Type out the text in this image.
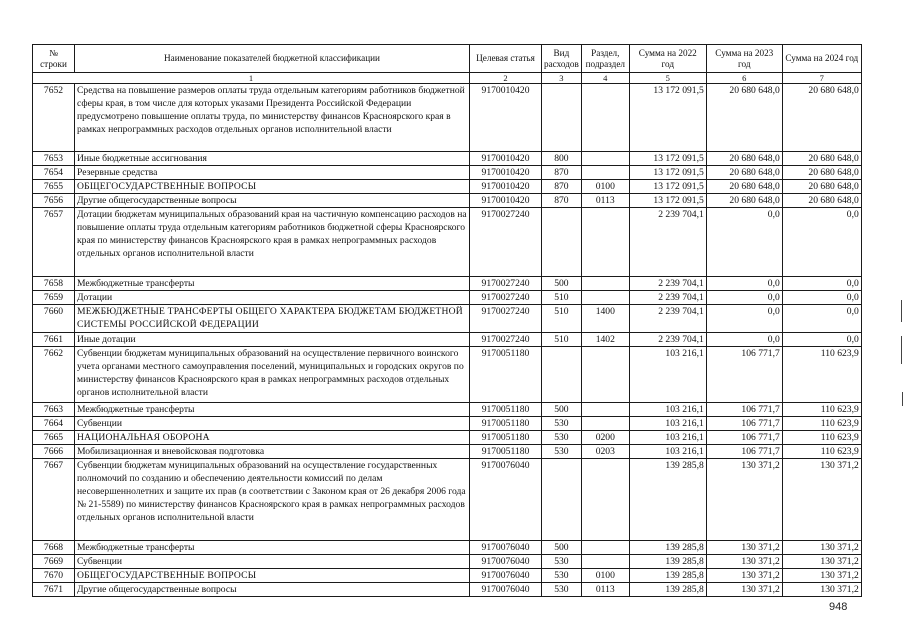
№ строки	Наименование показателей бюджетной классификации	Целевая статья	Вид расходов	Раздел, подраздел	Сумма на 2022 год	Сумма на 2023 год	Сумма на 2024 год
1		2	3	4	5	6	7
7652	Средства на повышение размеров оплаты труда отдельным категориям работников бюджетной сферы края, в том числе для которых указами Президента Российской Федерации предусмотрено повышение оплаты труда, по министерству финансов Красноярского края в рамках непрограммных расходов отдельных органов исполнительной власти	9170010420			13 172 091,5	20 680 648,0	20 680 648,0
7653	Иные бюджетные ассигнования	9170010420	800		13 172 091,5	20 680 648,0	20 680 648,0
7654	Резервные средства	9170010420	870		13 172 091,5	20 680 648,0	20 680 648,0
7655	ОБЩЕГОСУДАРСТВЕННЫЕ ВОПРОСЫ	9170010420	870	0100	13 172 091,5	20 680 648,0	20 680 648,0
7656	Другие общегосударственные вопросы	9170010420	870	0113	13 172 091,5	20 680 648,0	20 680 648,0
7657	Дотации бюджетам муниципальных образований края на частичную компенсацию расходов на повышение оплаты труда отдельным категориям работников бюджетной сферы Красноярского края по министерству финансов Красноярского края в рамках непрограммных расходов отдельных органов исполнительной власти	9170027240			2 239 704,1	0,0	0,0
7658	Межбюджетные трансферты	9170027240	500		2 239 704,1	0,0	0,0
7659	Дотации	9170027240	510		2 239 704,1	0,0	0,0
7660	МЕЖБЮДЖЕТНЫЕ ТРАНСФЕРТЫ ОБЩЕГО ХАРАКТЕРА БЮДЖЕТАМ БЮДЖЕТНОЙ СИСТЕМЫ РОССИЙСКОЙ ФЕДЕРАЦИИ	9170027240	510	1400	2 239 704,1	0,0	0,0
7661	Иные дотации	9170027240	510	1402	2 239 704,1	0,0	0,0
7662	Субвенции бюджетам муниципальных образований на осуществление первичного воинского учета органами местного самоуправления поселений, муниципальных и городских округов по министерству финансов Красноярского края в рамках непрограммных расходов отдельных органов исполнительной власти	9170051180			103 216,1	106 771,7	110 623,9
7663	Межбюджетные трансферты	9170051180	500		103 216,1	106 771,7	110 623,9
7664	Субвенции	9170051180	530		103 216,1	106 771,7	110 623,9
7665	НАЦИОНАЛЬНАЯ ОБОРОНА	9170051180	530	0200	103 216,1	106 771,7	110 623,9
7666	Мобилизационная и вневойсковая подготовка	9170051180	530	0203	103 216,1	106 771,7	110 623,9
7667	Субвенции бюджетам муниципальных образований на осуществление государственных полномочий по созданию и обеспечению деятельности комиссий по делам несовершеннолетних и защите их прав (в соответствии с Законом края от 26 декабря 2006 года № 21-5589) по министерству финансов Красноярского края в рамках непрограммных расходов отдельных органов исполнительной власти	9170076040			139 285,8	130 371,2	130 371,2
7668	Межбюджетные трансферты	9170076040	500		139 285,8	130 371,2	130 371,2
7669	Субвенции	9170076040	530		139 285,8	130 371,2	130 371,2
7670	ОБЩЕГОСУДАРСТВЕННЫЕ ВОПРОСЫ	9170076040	530	0100	139 285,8	130 371,2	130 371,2
7671	Другие общегосударственные вопросы	9170076040	530	0113	139 285,8	130 371,2	130 371,2
948
